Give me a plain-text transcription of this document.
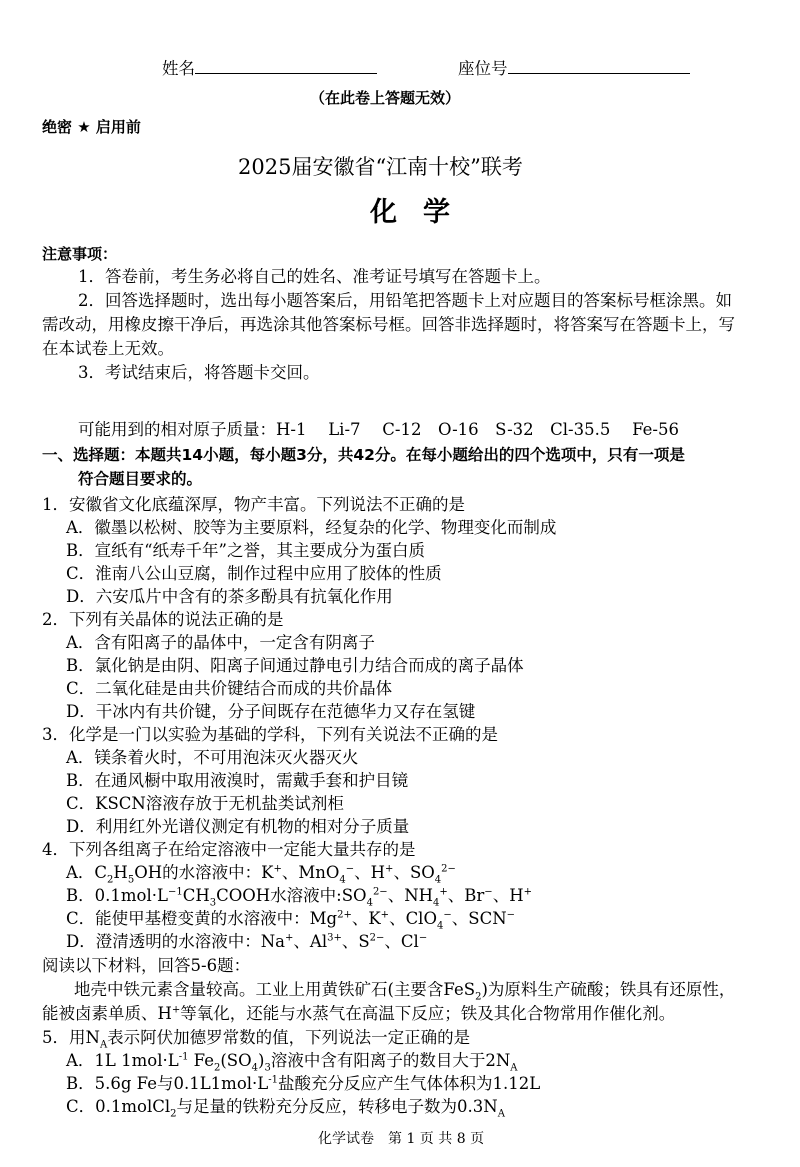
姓名	座位号
（在此卷上答题无效）
绝密 ★ 启用前
2025届安徽省“江南十校”联考
化学
注意事项：
1．答卷前，考生务必将自己的姓名、准考证号填写在答题卡上。
2．回答选择题时，选出每小题答案后，用铅笔把答题卡上对应题目的答案标号框涂黑。如
需改动，用橡皮擦干净后，再选涂其他答案标号框。回答非选择题时，将答案写在答题卡上，写
在本试卷上无效。
3．考试结束后，将答题卡交回。
可能用到的相对原子质量：H-1　 Li-7　 C-12　O-16　S-32　Cl-35.5　 Fe-56
一、选择题：本题共14小题，每小题3分，共42分。在每小题给出的四个选项中，只有一项是
符合题目要求的。
1．安徽省文化底蕴深厚，物产丰富。下列说法不正确的是
A．徽墨以松树、胶等为主要原料，经复杂的化学、物理变化而制成
B．宣纸有“纸寿千年”之誉，其主要成分为蛋白质
C．淮南八公山豆腐，制作过程中应用了胶体的性质
D．六安瓜片中含有的茶多酚具有抗氧化作用
2．下列有关晶体的说法正确的是
A．含有阳离子的晶体中，一定含有阴离子
B．氯化钠是由阴、阳离子间通过静电引力结合而成的离子晶体
C．二氧化硅是由共价键结合而成的共价晶体
D．干冰内有共价键，分子间既存在范德华力又存在氢键
3．化学是一门以实验为基础的学科，下列有关说法不正确的是
A．镁条着火时，不可用泡沫灭火器灭火
B．在通风橱中取用液溴时，需戴手套和护目镜
C．KSCN溶液存放于无机盐类试剂柜
D．利用红外光谱仪测定有机物的相对分子质量
4．下列各组离子在给定溶液中一定能大量共存的是
A．$C_2H_5OH$的水溶液中：K+、MnO$_4$−、H+、$SO_4^{2-}$
B．$0.1mol\cdot L^{-1}CH_3COOH$水溶液中$:SO_4^{2-}$、$NH_4^+$、Br−、H+
C．能使甲基橙变黄的水溶液中：$Mg^{2+}$、K+、ClO$_4$−、SCN−
D．澄清透明的水溶液中：Na+、$Al^{3+}$、$S^{2-}$、Cl−
阅读以下材料，回答5-6题：
地壳中铁元素含量较高。工业上用黄铁矿石(主要含FeS$_2$)为原料生产硫酸；铁具有还原性，
能被卤素单质、H+等氧化，还能与水蒸气在高温下反应；铁及其化合物常用作催化剂。
5．用$N_A$表示阿伏加德罗常数的值，下列说法一定正确的是
A．1L $1mol\cdot L^{-1}$ $Fe_2(SO_4)_3$溶液中含有阳离子的数目大于$2N_A$
B．5.6g Fe与$0.1L1mol\cdot L^{-1}$盐酸充分反应产生气体体积为1.12L
C．0.1molCl$_2$与足量的铁粉充分反应，转移电子数为$0.3N_A$
化学试卷　第 1 页 共 8 页
